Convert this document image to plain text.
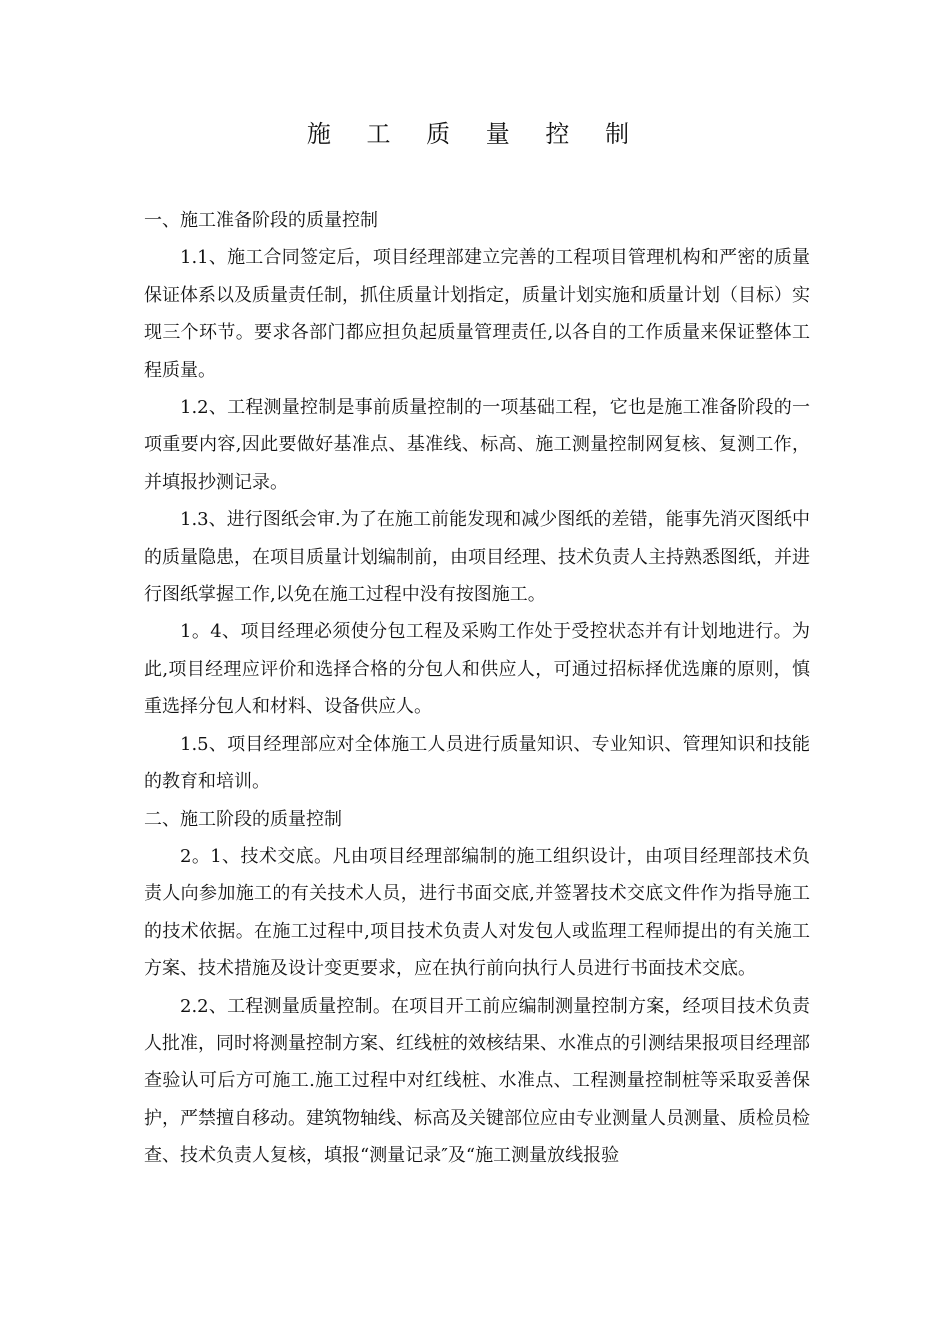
施 工 质 量 控 制

一、施工准备阶段的质量控制

1.1、施工合同签定后，项目经理部建立完善的工程项目管理机构和严密的质量保证体系以及质量责任制，抓住质量计划指定，质量计划实施和质量计划（目标）实现三个环节。要求各部门都应担负起质量管理责任,以各自的工作质量来保证整体工程质量。

1.2、工程测量控制是事前质量控制的一项基础工程，它也是施工准备阶段的一项重要内容,因此要做好基准点、基准线、标高、施工测量控制网复核、复测工作，并填报抄测记录。

1.3、进行图纸会审.为了在施工前能发现和减少图纸的差错，能事先消灭图纸中的质量隐患，在项目质量计划编制前，由项目经理、技术负责人主持熟悉图纸，并进行图纸掌握工作,以免在施工过程中没有按图施工。

1。4、项目经理必须使分包工程及采购工作处于受控状态并有计划地进行。为此,项目经理应评价和选择合格的分包人和供应人，可通过招标择优选廉的原则，慎重选择分包人和材料、设备供应人。

1.5、项目经理部应对全体施工人员进行质量知识、专业知识、管理知识和技能的教育和培训。

二、施工阶段的质量控制

2。1、技术交底。凡由项目经理部编制的施工组织设计，由项目经理部技术负责人向参加施工的有关技术人员，进行书面交底,并签署技术交底文件作为指导施工的技术依据。在施工过程中,项目技术负责人对发包人或监理工程师提出的有关施工方案、技术措施及设计变更要求，应在执行前向执行人员进行书面技术交底。

2.2、工程测量质量控制。在项目开工前应编制测量控制方案，经项目技术负责人批准，同时将测量控制方案、红线桩的效核结果、水准点的引测结果报项目经理部查验认可后方可施工.施工过程中对红线桩、水准点、工程测量控制桩等采取妥善保护，严禁擅自移动。建筑物轴线、标高及关键部位应由专业测量人员测量、质检员检查、技术负责人复核，填报“测量记录″及“施工测量放线报验
